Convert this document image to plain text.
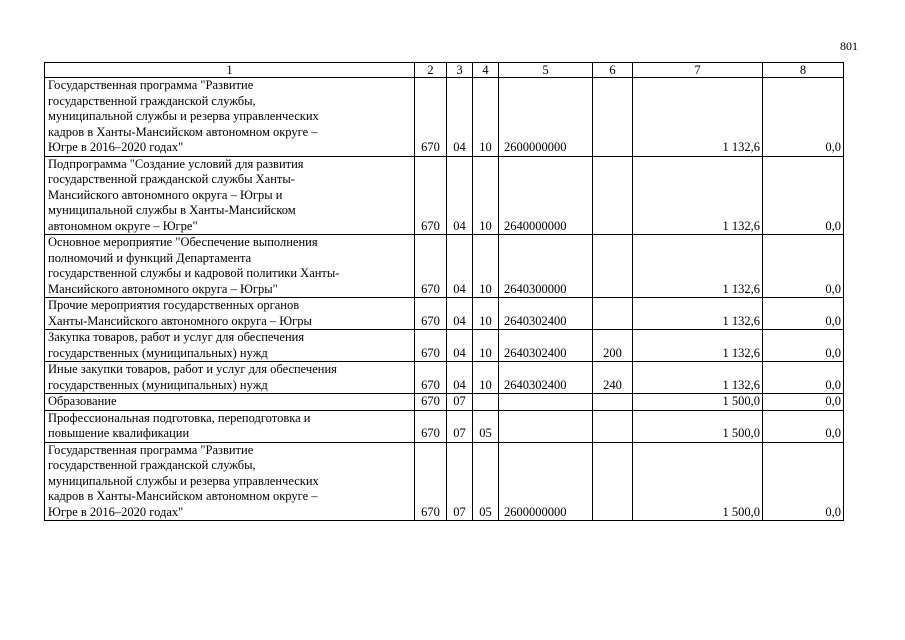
801
1	2	3	4	5	6	7	8

Государственная программа "Развитие
государственной гражданской службы,
муниципальной службы и резерва управленческих
кадров в Ханты-Мансийском автономном округе –
Югре в 2016–2020 годах"	670	04	10	2600000000		1 132,6	0,0

Подпрограмма "Создание условий для развития
государственной гражданской службы Ханты-
Мансийского автономного округа – Югры и
муниципальной службы в Ханты-Мансийском
автономном округе – Югре"	670	04	10	2640000000		1 132,6	0,0

Основное мероприятие "Обеспечение выполнения
полномочий и функций Департамента
государственной службы и кадровой политики Ханты-
Мансийского автономного округа – Югры"	670	04	10	2640300000		1 132,6	0,0

Прочие мероприятия государственных органов
Ханты-Мансийского автономного округа – Югры	670	04	10	2640302400		1 132,6	0,0

Закупка товаров, работ и услуг для обеспечения
государственных (муниципальных) нужд	670	04	10	2640302400	200	1 132,6	0,0

Иные закупки товаров, работ и услуг для обеспечения
государственных (муниципальных) нужд	670	04	10	2640302400	240	1 132,6	0,0

Образование	670	07				1 500,0	0,0

Профессиональная подготовка, переподготовка и
повышение квалификации	670	07	05			1 500,0	0,0

Государственная программа "Развитие
государственной гражданской службы,
муниципальной службы и резерва управленческих
кадров в Ханты-Мансийском автономном округе –
Югре в 2016–2020 годах"	670	07	05	2600000000		1 500,0	0,0
